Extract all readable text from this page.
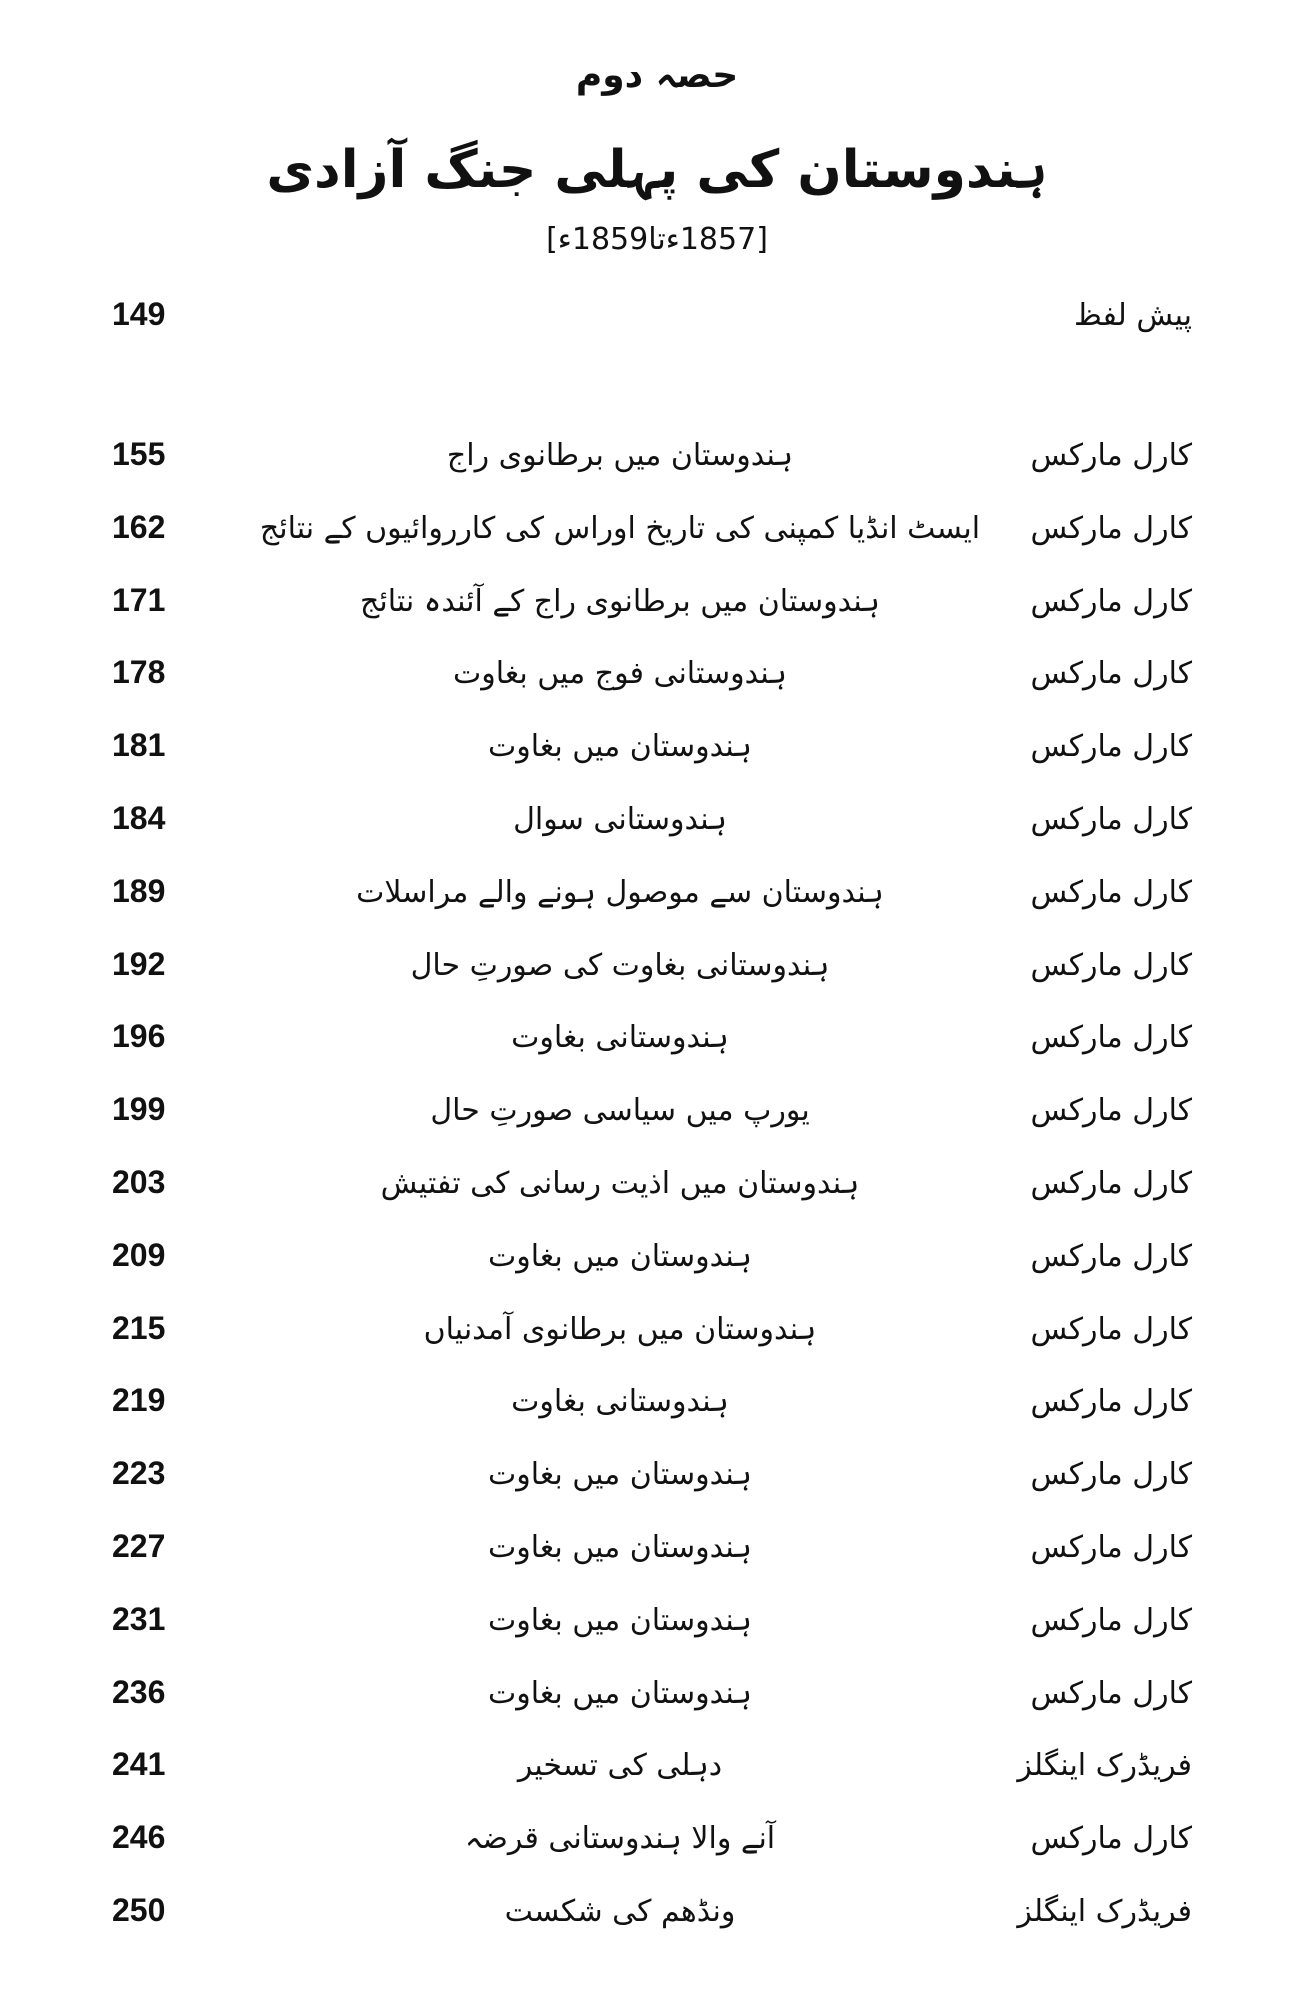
حصہ دوم
ہندوستان کی پہلی جنگ آزادی
[1857ءتا1859ء]
پیش لفظ
149
کارل مارکس
ہندوستان میں برطانوی راج
155
کارل مارکس
ایسٹ انڈیا کمپنی کی تاریخ اوراس کی کارروائیوں کے نتائج
162
کارل مارکس
ہندوستان میں برطانوی راج کے آئندہ نتائج
171
کارل مارکس
ہندوستانی فوج میں بغاوت
178
کارل مارکس
ہندوستان میں بغاوت
181
کارل مارکس
ہندوستانی سوال
184
کارل مارکس
ہندوستان سے موصول ہونے والے مراسلات
189
کارل مارکس
ہندوستانی بغاوت کی صورتِ حال
192
کارل مارکس
ہندوستانی بغاوت
196
کارل مارکس
یورپ میں سیاسی صورتِ حال
199
کارل مارکس
ہندوستان میں اذیت رسانی کی تفتیش
203
کارل مارکس
ہندوستان میں بغاوت
209
کارل مارکس
ہندوستان میں برطانوی آمدنیاں
215
کارل مارکس
ہندوستانی بغاوت
219
کارل مارکس
ہندوستان میں بغاوت
223
کارل مارکس
ہندوستان میں بغاوت
227
کارل مارکس
ہندوستان میں بغاوت
231
کارل مارکس
ہندوستان میں بغاوت
236
فریڈرک اینگلز
دہلی کی تسخیر
241
کارل مارکس
آنے والا ہندوستانی قرضہ
246
فریڈرک اینگلز
ونڈھم کی شکست
250
